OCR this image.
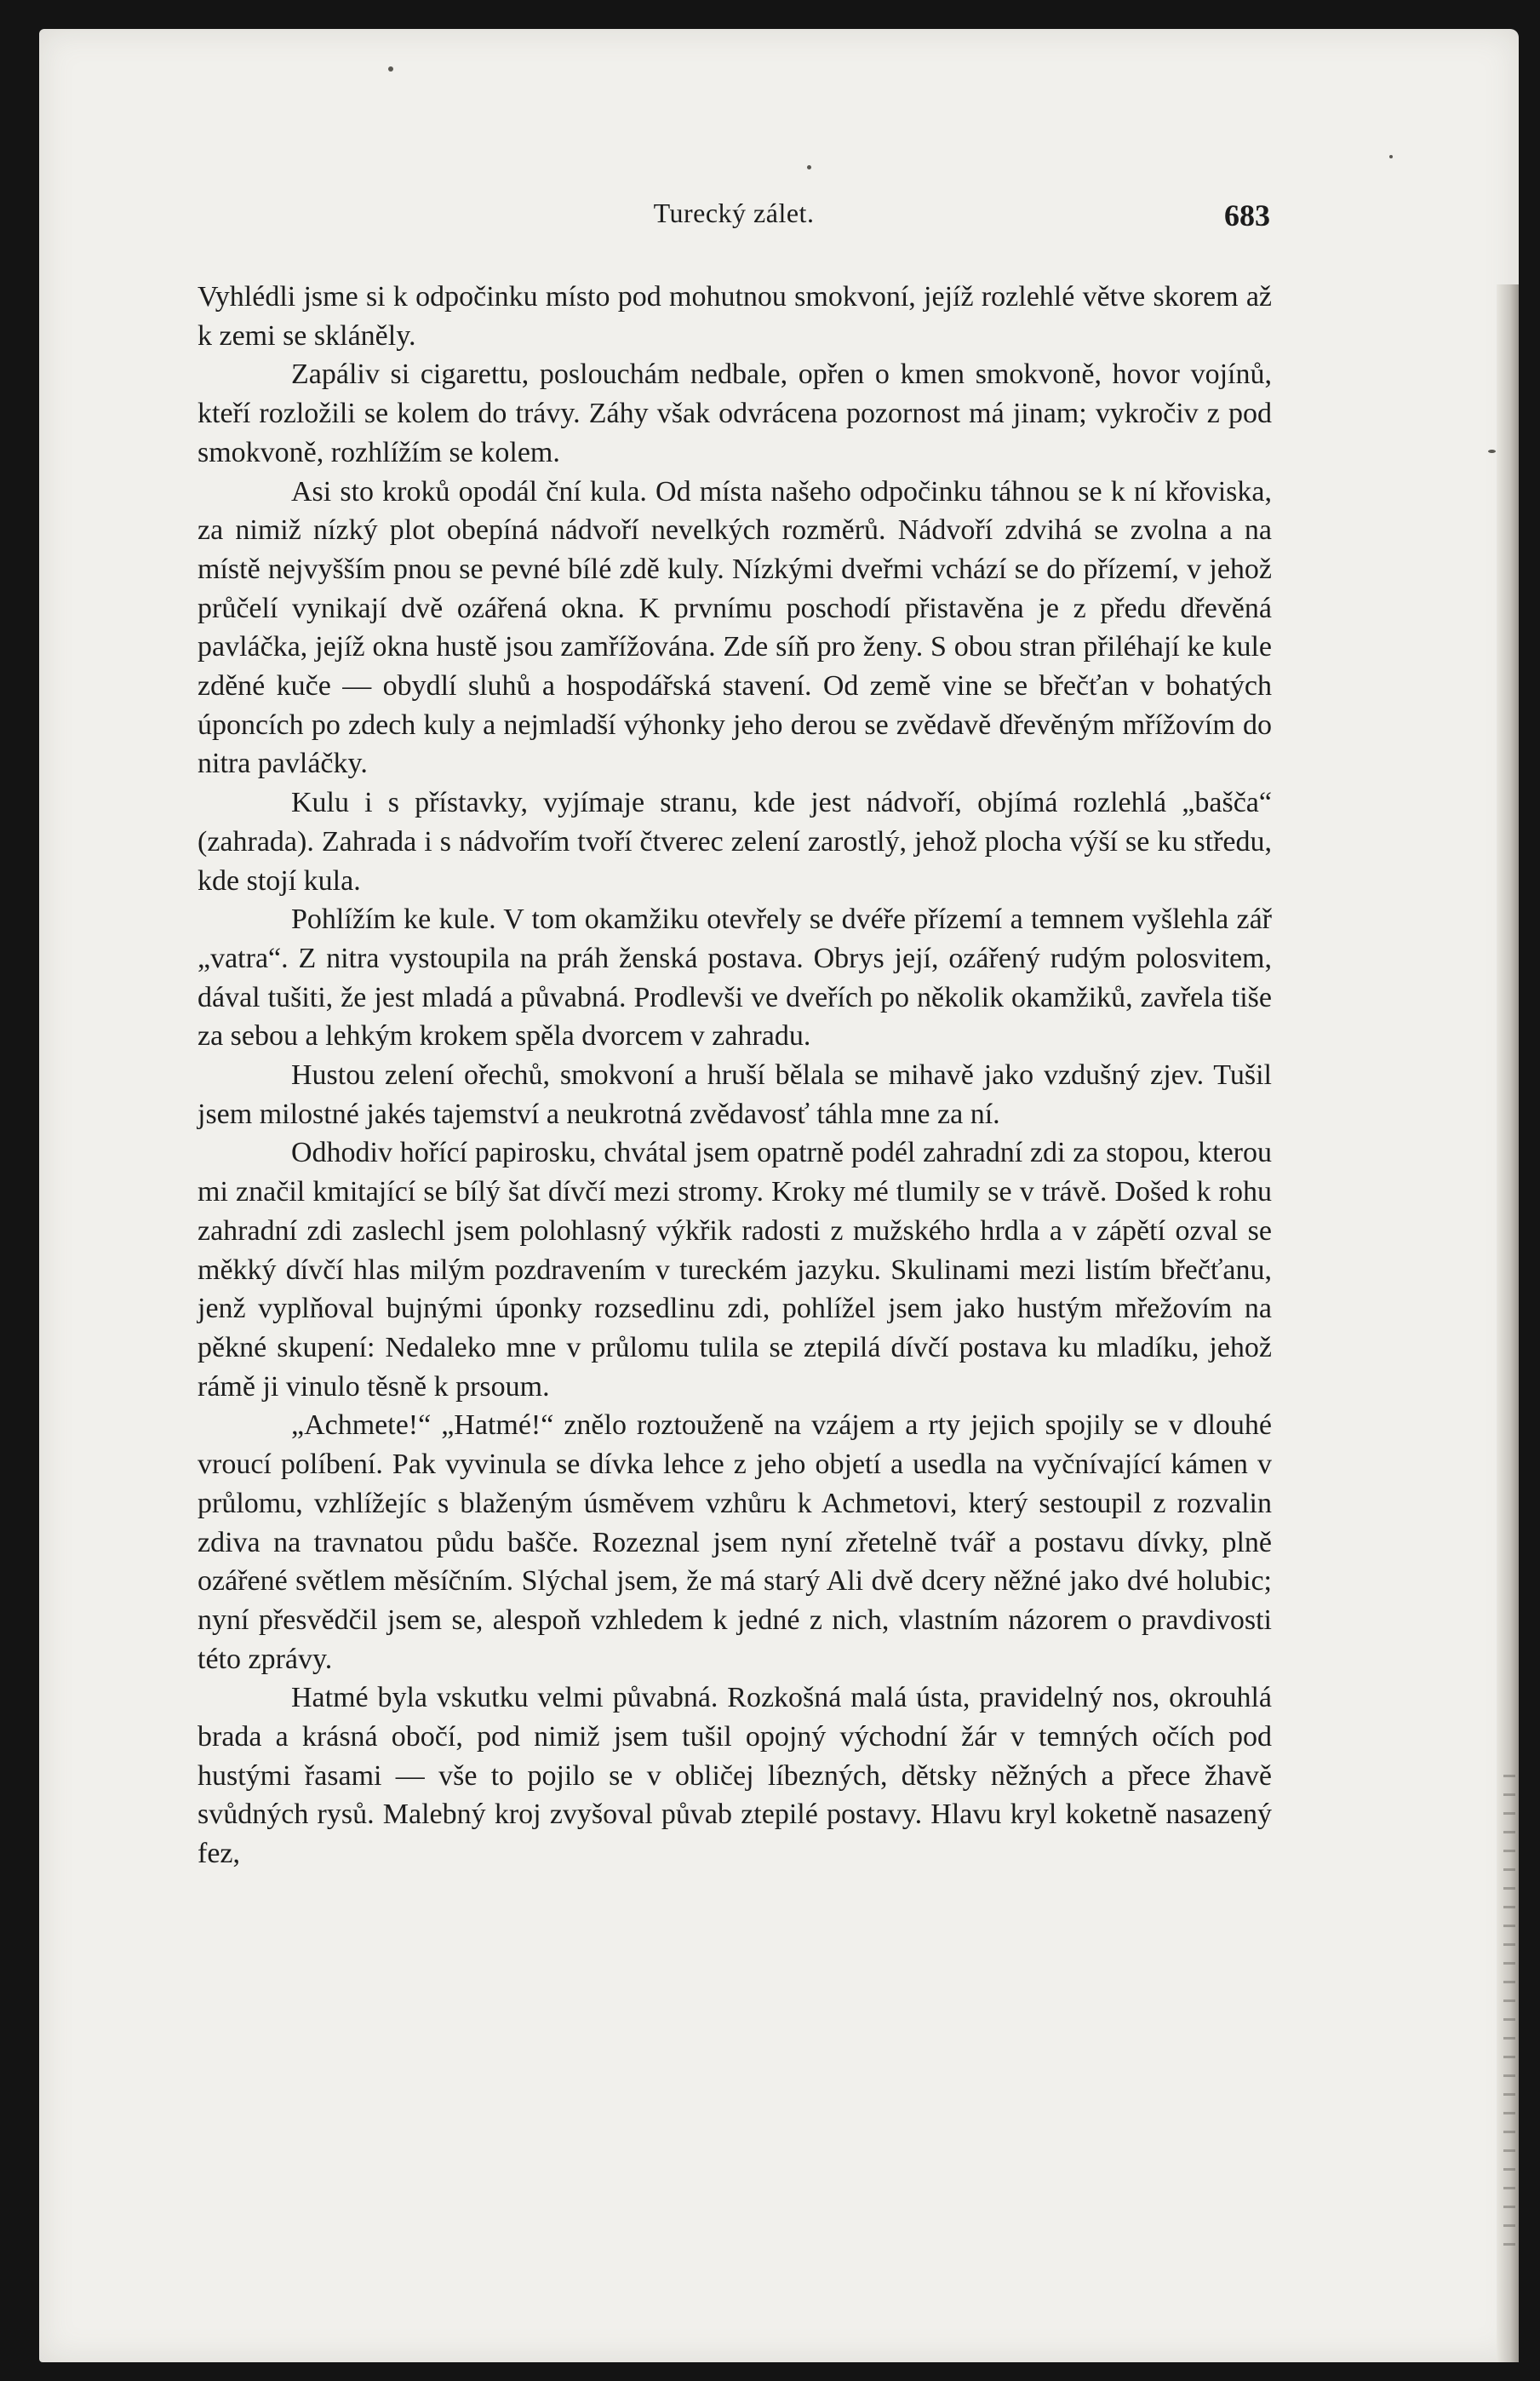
Turecký zálet.	683

Vyhlédli jsme si k odpočinku místo pod mohutnou smokvoní, jejíž rozlehlé větve skorem až k zemi se skláněly.

Zapáliv si cigarettu, poslouchám nedbale, opřen o kmen smokvoně, hovor vojínů, kteří rozložili se kolem do trávy. Záhy však odvrácena pozornost má jinam; vykročiv z pod smokvoně, rozhlížím se kolem.

Asi sto kroků opodál ční kula. Od místa našeho odpočinku táhnou se k ní křoviska, za nimiž nízký plot obepíná nádvoří nevelkých rozměrů. Nádvoří zdvihá se zvolna a na místě nejvyšším pnou se pevné bílé zdě kuly. Nízkými dveřmi vchází se do přízemí, v jehož průčelí vynikají dvě ozářená okna. K prvnímu poschodí přistavěna je z předu dřevěná pavláčka, jejíž okna hustě jsou zamřížována. Zde síň pro ženy. S obou stran přiléhají ke kule zděné kuče — obydlí sluhů a hospodářská stavení. Od země vine se břečťan v bohatých úponcích po zdech kuly a nejmladší výhonky jeho derou se zvědavě dřevěným mřížovím do nitra pavláčky.

Kulu i s přístavky, vyjímaje stranu, kde jest nádvoří, objímá rozlehlá „bašča“ (zahrada). Zahrada i s nádvořím tvoří čtverec zelení zarostlý, jehož plocha výší se ku středu, kde stojí kula.

Pohlížím ke kule. V tom okamžiku otevřely se dvéře přízemí a temnem vyšlehla zář „vatra“. Z nitra vystoupila na práh ženská postava. Obrys její, ozářený rudým polosvitem, dával tušiti, že jest mladá a půvabná. Prodlevši ve dveřích po několik okamžiků, zavřela tiše za sebou a lehkým krokem spěla dvorcem v zahradu.

Hustou zelení ořechů, smokvoní a hruší bělala se mihavě jako vzdušný zjev. Tušil jsem milostné jakés tajemství a neukrotná zvědavosť táhla mne za ní.

Odhodiv hořící papirosku, chvátal jsem opatrně podél zahradní zdi za stopou, kterou mi značil kmitající se bílý šat dívčí mezi stromy. Kroky mé tlumily se v trávě. Došed k rohu zahradní zdi zaslechl jsem polohlasný výkřik radosti z mužského hrdla a v zápětí ozval se měkký dívčí hlas milým pozdravením v tureckém jazyku. Skulinami mezi listím břečťanu, jenž vyplňoval bujnými úponky rozsedlinu zdi, pohlížel jsem jako hustým mřežovím na pěkné skupení: Nedaleko mne v průlomu tulila se ztepilá dívčí postava ku mladíku, jehož rámě ji vinulo těsně k prsoum.

„Achmete!“ „Hatmé!“ znělo roztouženě na vzájem a rty jejich spojily se v dlouhé vroucí políbení. Pak vyvinula se dívka lehce z jeho objetí a usedla na vyčnívající kámen v průlomu, vzhlížejíc s blaženým úsměvem vzhůru k Achmetovi, který sestoupil z rozvalin zdiva na travnatou půdu bašče. Rozeznal jsem nyní zřetelně tvář a postavu dívky, plně ozářené světlem měsíčním. Slýchal jsem, že má starý Ali dvě dcery něžné jako dvé holubic; nyní přesvědčil jsem se, alespoň vzhledem k jedné z nich, vlastním názorem o pravdivosti této zprávy.

Hatmé byla vskutku velmi půvabná. Rozkošná malá ústa, pravidelný nos, okrouhlá brada a krásná obočí, pod nimiž jsem tušil opojný východní žár v temných očích pod hustými řasami — vše to pojilo se v obličej líbezných, dětsky něžných a přece žhavě svůdných rysů. Malebný kroj zvyšoval půvab ztepilé postavy. Hlavu kryl koketně nasazený fez,
